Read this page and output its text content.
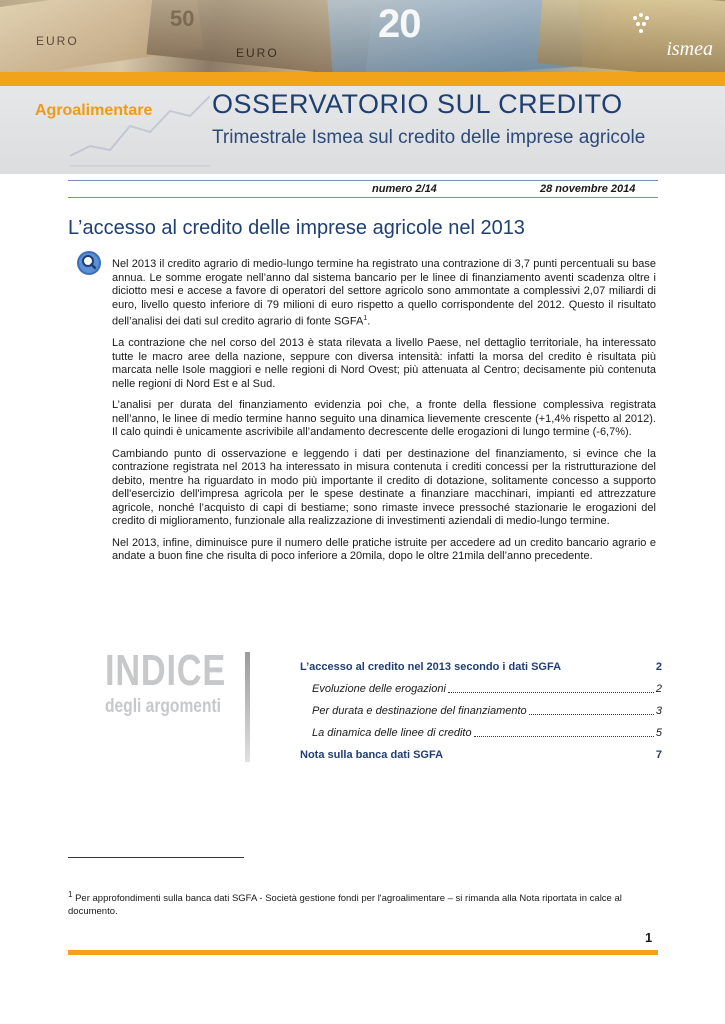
50	20
EURO
EURO	ismea
Agroalimentare OSSERVATORIO SUL CREDITO
Trimestrale Ismea sul credito delle imprese agricole
numero 2/14	28 novembre 2014
L’accesso al credito delle imprese agricole nel 2013

Nel 2013 il credito agrario di medio-lungo termine ha registrato una contrazione di 3,7 punti percentuali su base annua. Le somme erogate nell’anno dal sistema bancario per le linee di finanziamento aventi scadenza oltre i diciotto mesi e accese a favore di operatori del settore agricolo sono ammontate a complessivi 2,07 miliardi di euro, livello questo inferiore di 79 milioni di euro rispetto a quello corrispondente del 2012. Questo il risultato dell’analisi dei dati sul credito agrario di fonte SGFA$^1$.

La contrazione che nel corso del 2013 è stata rilevata a livello Paese, nel dettaglio territoriale, ha interessato tutte le macro aree della nazione, seppure con diversa intensità: infatti la morsa del credito è risultata più marcata nelle Isole maggiori e nelle regioni di Nord Ovest; più attenuata al Centro; decisamente più contenuta nelle regioni di Nord Est e al Sud.

L’analisi per durata del finanziamento evidenzia poi che, a fronte della flessione complessiva registrata nell’anno, le linee di medio termine hanno seguito una dinamica lievemente crescente (+1,4% rispetto al 2012). Il calo quindi è unicamente ascrivibile all’andamento decrescente delle erogazioni di lungo termine (-6,7%).

Cambiando punto di osservazione e leggendo i dati per destinazione del finanziamento, si evince che la contrazione registrata nel 2013 ha interessato in misura contenuta i crediti concessi per la ristrutturazione del debito, mentre ha riguardato in modo più importante il credito di dotazione, solitamente concesso a supporto dell'esercizio dell'impresa agricola per le spese destinate a finanziare macchinari, impianti ed attrezzature agricole, nonché l’acquisto di capi di bestiame; sono rimaste invece pressoché stazionarie le erogazioni del credito di miglioramento, funzionale alla realizzazione di investimenti aziendali di medio-lungo termine.

Nel 2013, infine, diminuisce pure il numero delle pratiche istruite per accedere ad un credito bancario agrario e andate a buon fine che risulta di poco inferiore a 20mila, dopo le oltre 21mila dell’anno precedente.

INDICE
degli argomenti
L’accesso al credito nel 2013 secondo i dati SGFA	2
Evoluzione delle erogazioni	2
Per durata e destinazione del finanziamento	3
La dinamica delle linee di credito	5
Nota sulla banca dati SGFA	7
$^1$ Per approfondimenti sulla banca dati SGFA - Società gestione fondi per l'agroalimentare – si rimanda alla Nota riportata in calce al documento.
1
